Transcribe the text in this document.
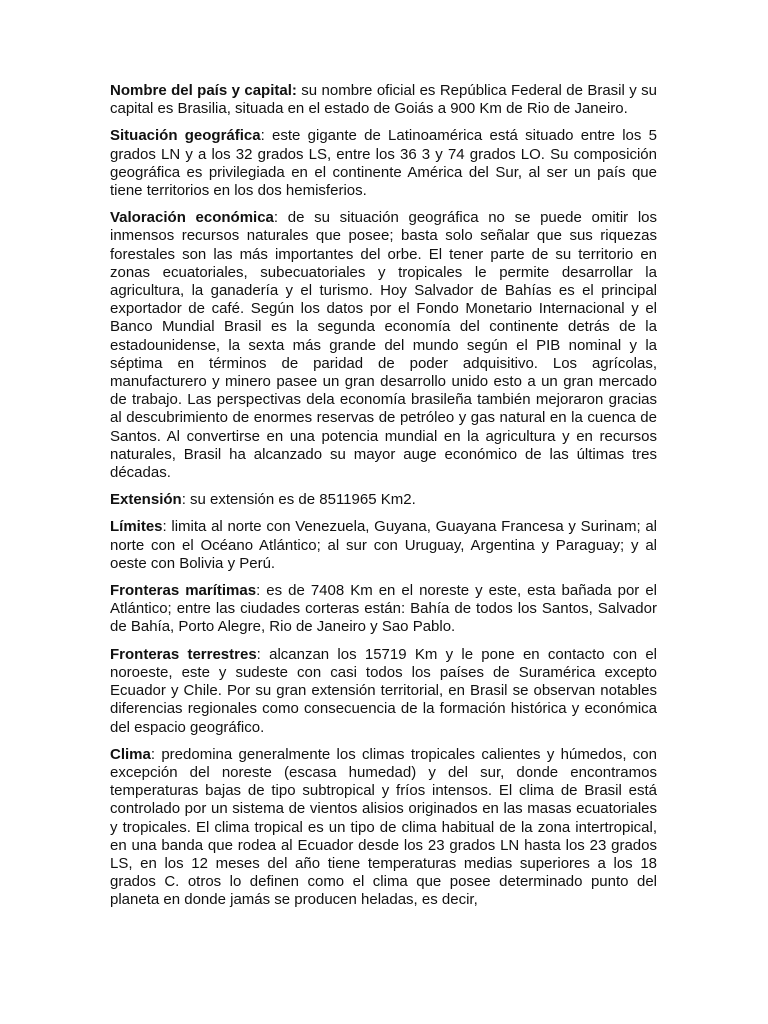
Nombre del país y capital: su nombre oficial es República Federal de Brasil y su capital es Brasilia, situada en el estado de Goiás a 900 Km de Rio de Janeiro.

Situación geográfica: este gigante de Latinoamérica está situado entre los 5 grados LN y a los 32 grados LS, entre los 36 3 y 74 grados LO. Su composición geográfica es privilegiada en el continente América del Sur, al ser un país que tiene territorios en los dos hemisferios.

Valoración económica: de su situación geográfica no se puede omitir los inmensos recursos naturales que posee; basta solo señalar que sus riquezas forestales son las más importantes del orbe. El tener parte de su territorio en zonas ecuatoriales, subecuatoriales y tropicales le permite desarrollar la agricultura, la ganadería y el turismo. Hoy Salvador de Bahías es el principal exportador de café. Según los datos por el Fondo Monetario Internacional y el Banco Mundial Brasil es la segunda economía del continente detrás de la estadounidense, la sexta más grande del mundo según el PIB nominal y la séptima en términos de paridad de poder adquisitivo. Los agrícolas, manufacturero y minero pasee un gran desarrollo unido esto a un gran mercado de trabajo. Las perspectivas dela economía brasileña también mejoraron gracias al descubrimiento de enormes reservas de petróleo y gas natural en la cuenca de Santos. Al convertirse en una potencia mundial en la agricultura y en recursos naturales, Brasil ha alcanzado su mayor auge económico de las últimas tres décadas.

Extensión: su extensión es de 8511965 Km2.

Límites: limita al norte con Venezuela, Guyana, Guayana Francesa y Surinam; al norte con el Océano Atlántico; al sur con Uruguay, Argentina y Paraguay; y al oeste con Bolivia y Perú.

Fronteras marítimas: es de 7408 Km en el noreste y este, esta bañada por el Atlántico; entre las ciudades corteras están: Bahía de todos los Santos, Salvador de Bahía, Porto Alegre, Rio de Janeiro y Sao Pablo.

Fronteras terrestres: alcanzan los 15719 Km y le pone en contacto con el noroeste, este y sudeste con casi todos los países de Suramérica excepto Ecuador y Chile. Por su gran extensión territorial, en Brasil se observan notables diferencias regionales como consecuencia de la formación histórica y económica del espacio geográfico.

Clima: predomina generalmente los climas tropicales calientes y húmedos, con excepción del noreste (escasa humedad) y del sur, donde encontramos temperaturas bajas de tipo subtropical y fríos intensos. El clima de Brasil está controlado por un sistema de vientos alisios originados en las masas ecuatoriales y tropicales. El clima tropical es un tipo de clima habitual de la zona intertropical, en una banda que rodea al Ecuador desde los 23 grados LN hasta los 23 grados LS, en los 12 meses del año tiene temperaturas medias superiores a los 18 grados C. otros lo definen como el clima que posee determinado punto del planeta en donde jamás se producen heladas, es decir,
